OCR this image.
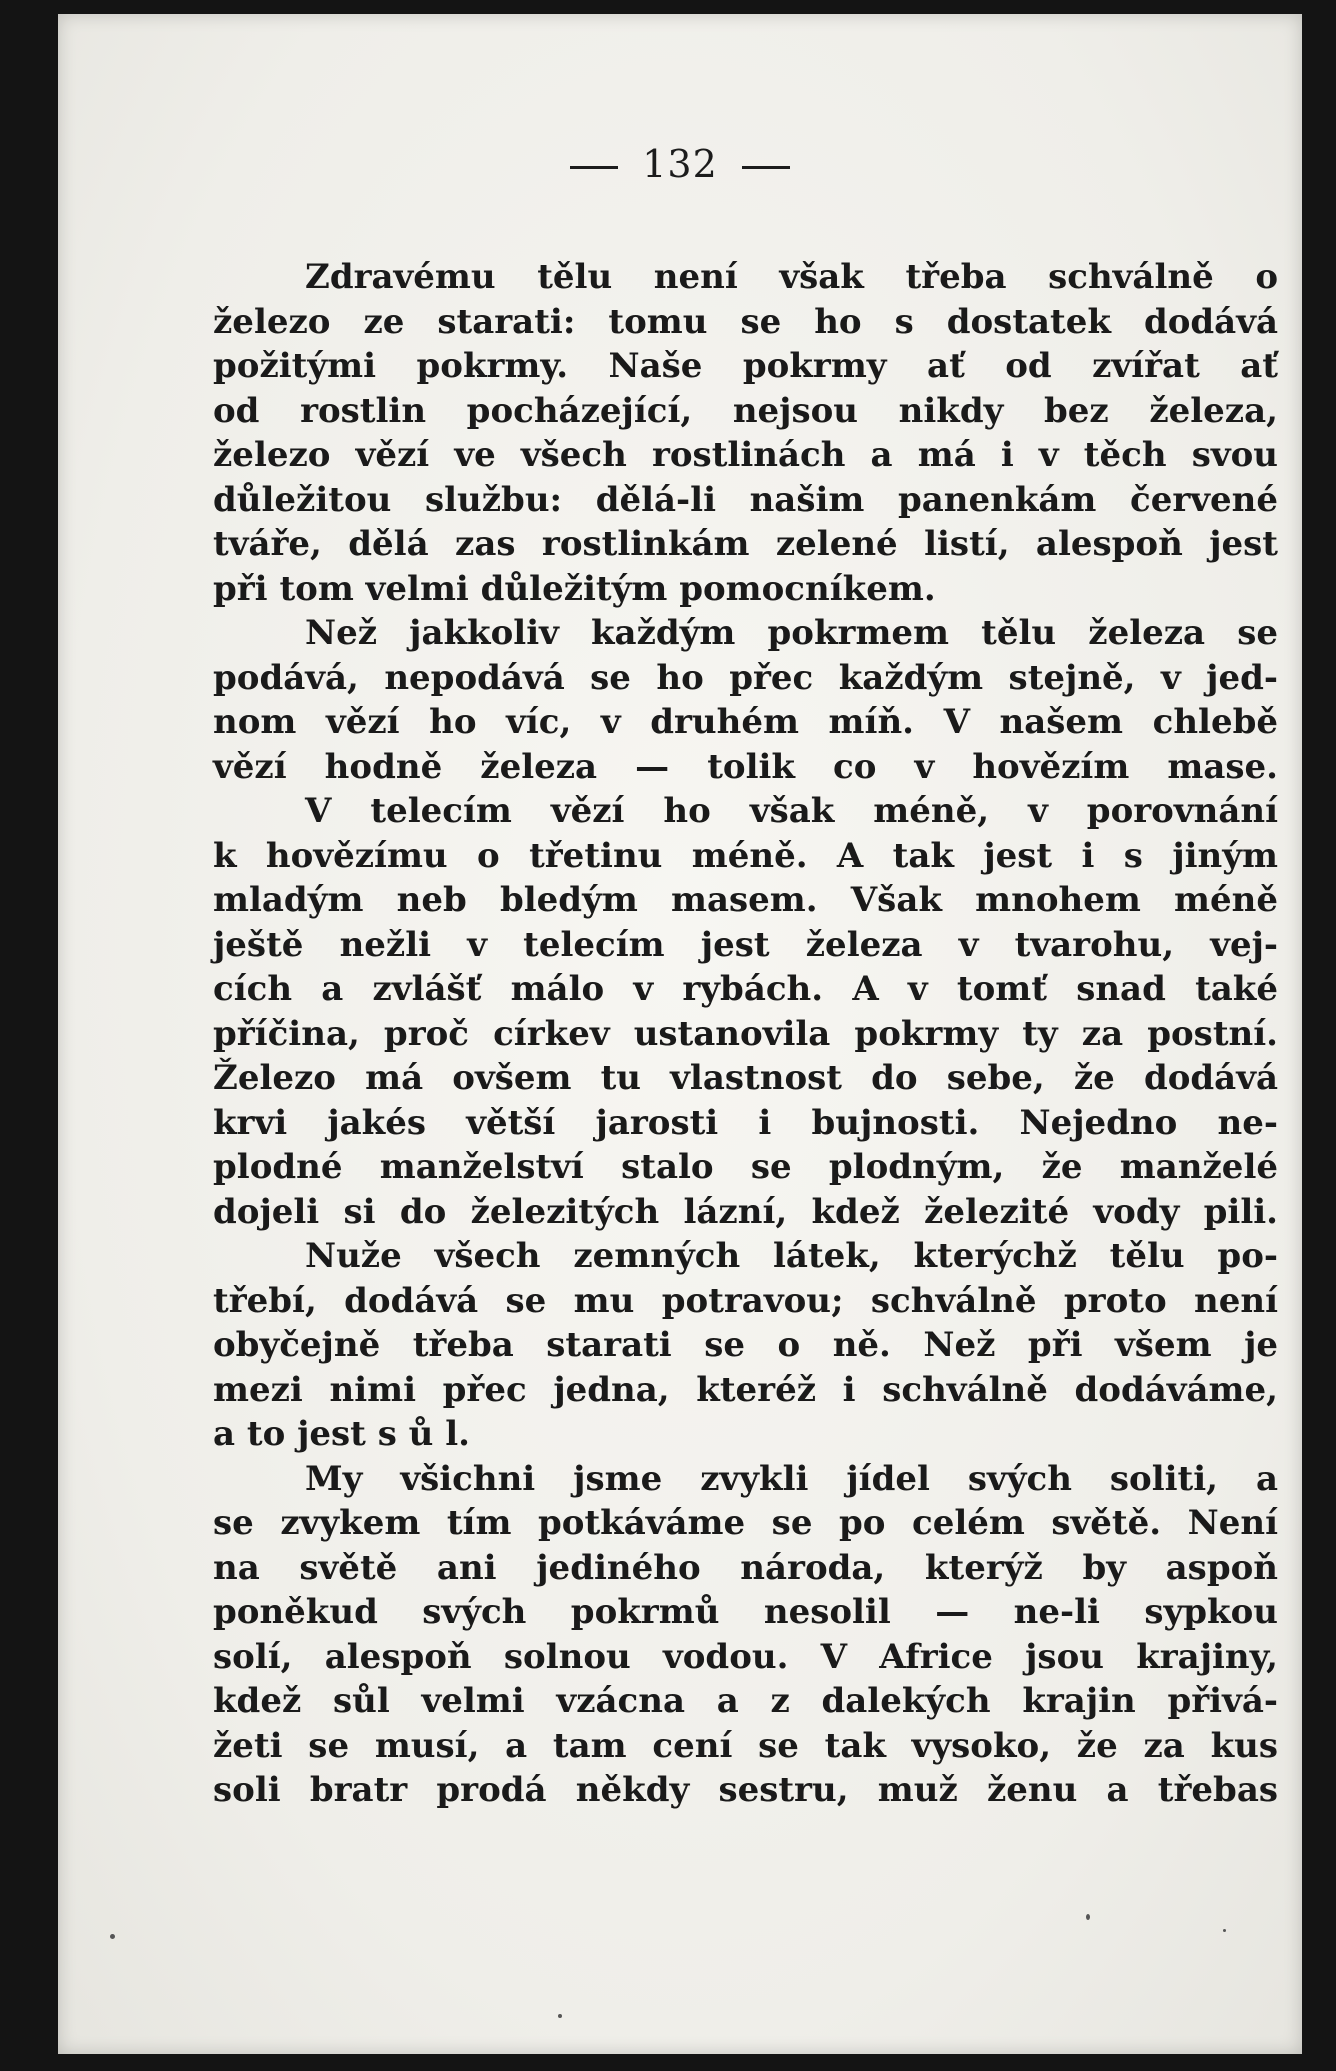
132
Zdravému tělu není však třeba schválně o
železo ze starati: tomu se ho s dostatek dodává
požitými pokrmy. Naše pokrmy ať od zvířat ať
od rostlin pocházející, nejsou nikdy bez železa,
železo vězí ve všech rostlinách a má i v těch svou
důležitou službu: dělá-li našim panenkám červené
tváře, dělá zas rostlinkám zelené listí, alespoň jest
při tom velmi důležitým pomocníkem.
Než jakkoliv každým pokrmem tělu železa se
podává, nepodává se ho přec každým stejně, v jed-
nom vězí ho víc, v druhém míň. V našem chlebě
vězí hodně železa — tolik co v hovězím mase.
V telecím vězí ho však méně, v porovnání
k hovězímu o třetinu méně. A tak jest i s jiným
mladým neb bledým masem. Však mnohem méně
ještě nežli v telecím jest železa v tvarohu, vej-
cích a zvlášť málo v rybách. A v tomť snad také
příčina, proč církev ustanovila pokrmy ty za postní.
Železo má ovšem tu vlastnost do sebe, že dodává
krvi jakés větší jarosti i bujnosti. Nejedno ne-
plodné manželství stalo se plodným, že manželé
dojeli si do železitých lázní, kdež železité vody pili.
Nuže všech zemných látek, kterýchž tělu po-
třebí, dodává se mu potravou; schválně proto není
obyčejně třeba starati se o ně. Než při všem je
mezi nimi přec jedna, kteréž i schválně dodáváme,
a to jest s ů l.
My všichni jsme zvykli jídel svých soliti, a
se zvykem tím potkáváme se po celém světě. Není
na světě ani jediného národa, kterýž by aspoň
poněkud svých pokrmů nesolil — ne-li sypkou
solí, alespoň solnou vodou. V Africe jsou krajiny,
kdež sůl velmi vzácna a z dalekých krajin přivá-
žeti se musí, a tam cení se tak vysoko, že za kus
soli bratr prodá někdy sestru, muž ženu a třebas
